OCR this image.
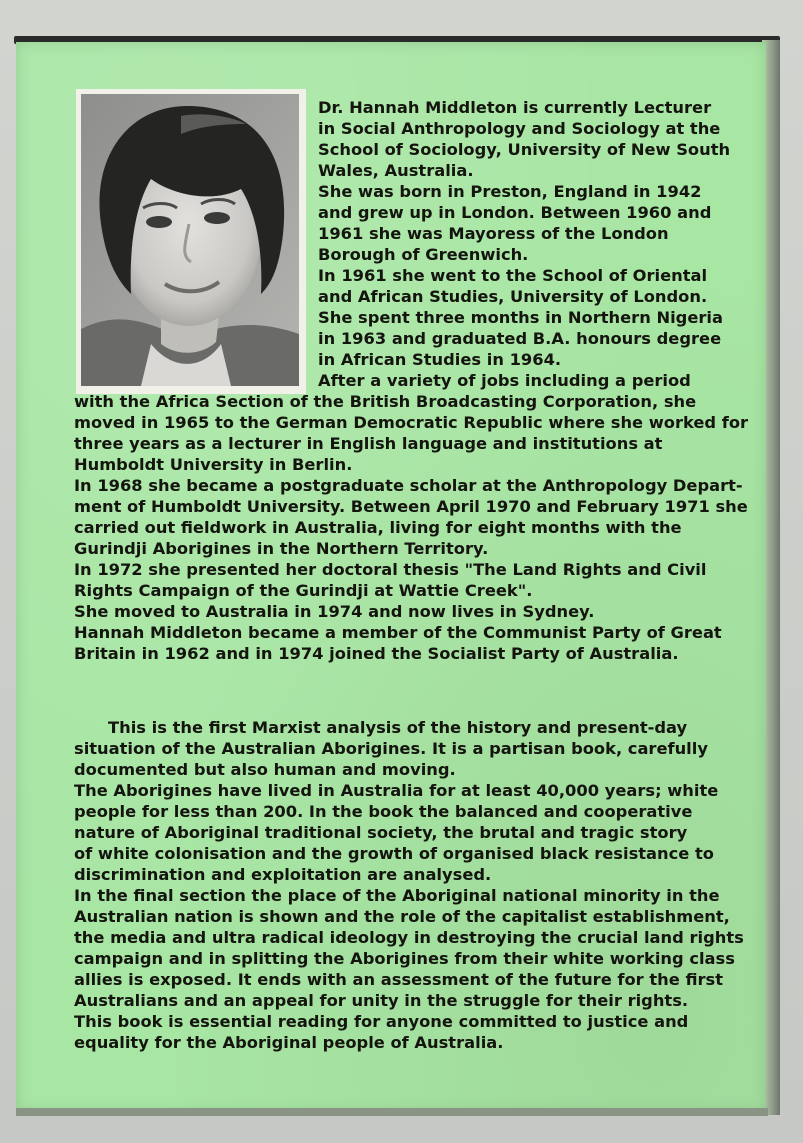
Dr. Hannah Middleton is currently Lecturer
in Social Anthropology and Sociology at the
School of Sociology, University of New South
Wales, Australia.
She was born in Preston, England in 1942
and grew up in London. Between 1960 and
1961 she was Mayoress of the London
Borough of Greenwich.
In 1961 she went to the School of Oriental
and African Studies, University of London.
She spent three months in Northern Nigeria
in 1963 and graduated B.A. honours degree
in African Studies in 1964.
After a variety of jobs including a period
with the Africa Section of the British Broadcasting Corporation, she
moved in 1965 to the German Democratic Republic where she worked for
three years as a lecturer in English language and institutions at
Humboldt University in Berlin.
In 1968 she became a postgraduate scholar at the Anthropology Depart-
ment of Humboldt University. Between April 1970 and February 1971 she
carried out fieldwork in Australia, living for eight months with the
Gurindji Aborigines in the Northern Territory.
In 1972 she presented her doctoral thesis "The Land Rights and Civil
Rights Campaign of the Gurindji at Wattie Creek".
She moved to Australia in 1974 and now lives in Sydney.
Hannah Middleton became a member of the Communist Party of Great
Britain in 1962 and in 1974 joined the Socialist Party of Australia.
This is the first Marxist analysis of the history and present-day
situation of the Australian Aborigines. It is a partisan book, carefully
documented but also human and moving.
The Aborigines have lived in Australia for at least 40,000 years; white
people for less than 200. In the book the balanced and cooperative
nature of Aboriginal traditional society, the brutal and tragic story
of white colonisation and the growth of organised black resistance to
discrimination and exploitation are analysed.
In the final section the place of the Aboriginal national minority in the
Australian nation is shown and the role of the capitalist establishment,
the media and ultra radical ideology in destroying the crucial land rights
campaign and in splitting the Aborigines from their white working class
allies is exposed. It ends with an assessment of the future for the first
Australians and an appeal for unity in the struggle for their rights.
This book is essential reading for anyone committed to justice and
equality for the Aboriginal people of Australia.
